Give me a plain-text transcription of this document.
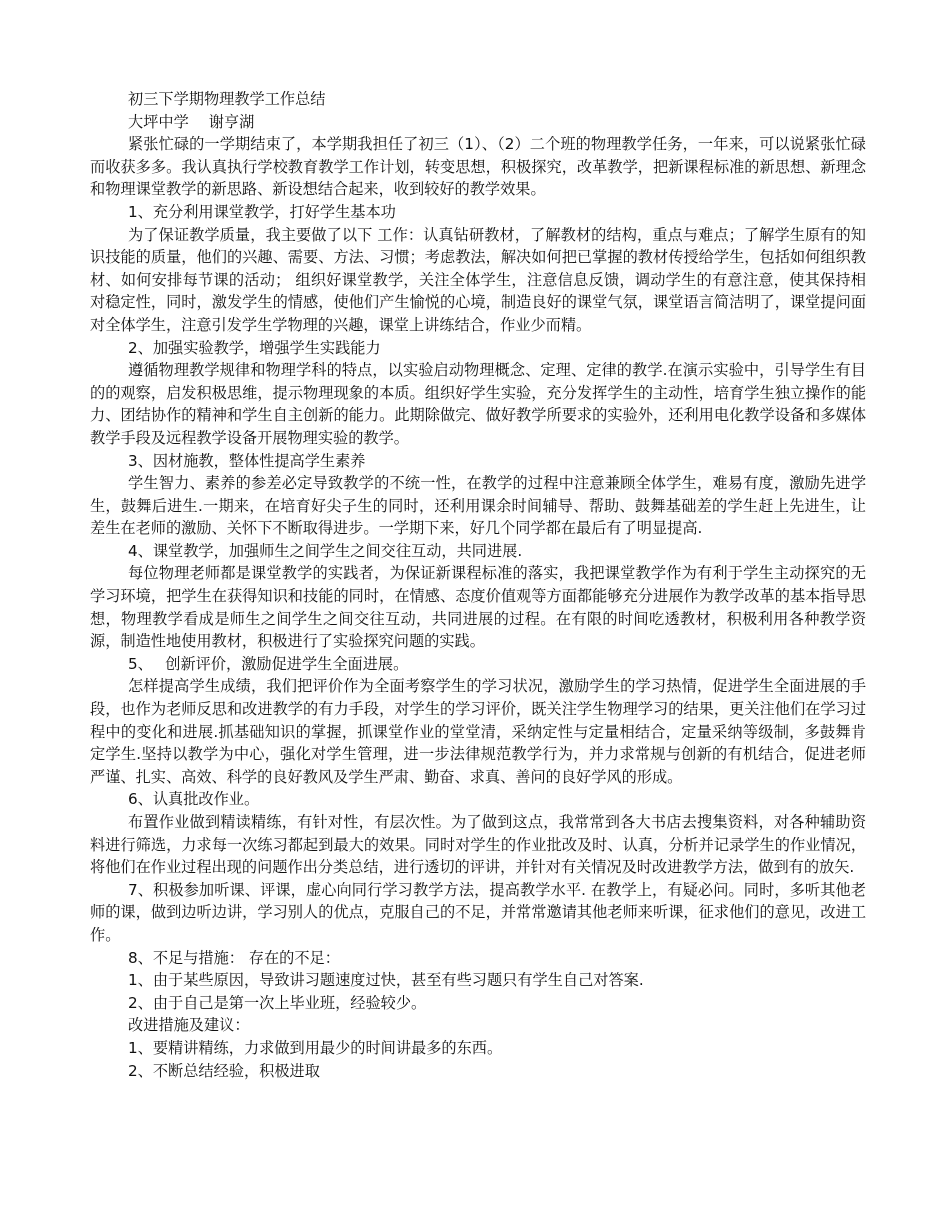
初三下学期物理教学工作总结
大坪中学　 谢亨湖

紧张忙碌的一学期结束了，本学期我担任了初三（1）、（2）二个班的物理教学任务，一年来，可以说紧张忙碌而收获多多。我认真执行学校教育教学工作计划，转变思想，积极探究，改革教学，把新课程标准的新思想、新理念和物理课堂教学的新思路、新设想结合起来，收到较好的教学效果。

1、充分利用课堂教学，打好学生基本功

为了保证教学质量，我主要做了以下 工作：认真钻研教材，了解教材的结构，重点与难点；了解学生原有的知识技能的质量，他们的兴趣、需要、方法、习惯；考虑教法，解决如何把已掌握的教材传授给学生，包括如何组织教材、如何安排每节课的活动； 组织好课堂教学，关注全体学生，注意信息反馈，调动学生的有意注意，使其保持相对稳定性，同时，激发学生的情感，使他们产生愉悦的心境，制造良好的课堂气氛，课堂语言简洁明了，课堂提问面对全体学生，注意引发学生学物理的兴趣，课堂上讲练结合，作业少而精。

2、加强实验教学，增强学生实践能力

遵循物理教学规律和物理学科的特点，以实验启动物理概念、定理、定律的教学.在演示实验中，引导学生有目的的观察，启发积极思维，提示物理现象的本质。组织好学生实验，充分发挥学生的主动性，培育学生独立操作的能力、团结协作的精神和学生自主创新的能力。此期除做完、做好教学所要求的实验外，还利用电化教学设备和多媒体教学手段及远程教学设备开展物理实验的教学。

3、因材施教，整体性提高学生素养

学生智力、素养的参差必定导致教学的不统一性，在教学的过程中注意兼顾全体学生，难易有度，激励先进学生，鼓舞后进生.一期来，在培育好尖子生的同时，还利用课余时间辅导、帮助、鼓舞基础差的学生赶上先进生，让差生在老师的激励、关怀下不断取得进步。一学期下来，好几个同学都在最后有了明显提高.

4、课堂教学，加强师生之间学生之间交往互动，共同进展.

每位物理老师都是课堂教学的实践者，为保证新课程标准的落实，我把课堂教学作为有利于学生主动探究的无学习环境，把学生在获得知识和技能的同时，在情感、态度价值观等方面都能够充分进展作为教学改革的基本指导思想，物理教学看成是师生之间学生之间交往互动，共同进展的过程。在有限的时间吃透教材，积极利用各种教学资源，制造性地使用教材，积极进行了实验探究问题的实践。

5、　 创新评价，激励促进学生全面进展。

怎样提高学生成绩，我们把评价作为全面考察学生的学习状况，激励学生的学习热情，促进学生全面进展的手段，也作为老师反思和改进教学的有力手段，对学生的学习评价，既关注学生物理学习的结果，更关注他们在学习过程中的变化和进展.抓基础知识的掌握，抓课堂作业的堂堂清，采纳定性与定量相结合，定量采纳等级制，多鼓舞肯定学生.坚持以教学为中心，强化对学生管理，进一步法律规范教学行为，并力求常规与创新的有机结合，促进老师严谨、扎实、高效、科学的良好教风及学生严肃、勤奋、求真、善问的良好学风的形成。

6、认真批改作业。

布置作业做到精读精练，有针对性，有层次性。为了做到这点，我常常到各大书店去搜集资料，对各种辅助资料进行筛选，力求每一次练习都起到最大的效果。同时对学生的作业批改及时、认真，分析并记录学生的作业情况，将他们在作业过程出现的问题作出分类总结，进行透切的评讲，并针对有关情况及时改进教学方法，做到有的放矢.

7、积极参加听课、评课，虚心向同行学习教学方法，提高教学水平. 在教学上，有疑必问。同时，多听其他老师的课，做到边听边讲，学习别人的优点，克服自己的不足，并常常邀请其他老师来听课，征求他们的意见，改进工作。

8、不足与措施： 存在的不足：
1、由于某些原因，导致讲习题速度过快，甚至有些习题只有学生自己对答案.
2、由于自己是第一次上毕业班，经验较少。
改进措施及建议：
1、要精讲精练，力求做到用最少的时间讲最多的东西。
2、不断总结经验，积极进取
